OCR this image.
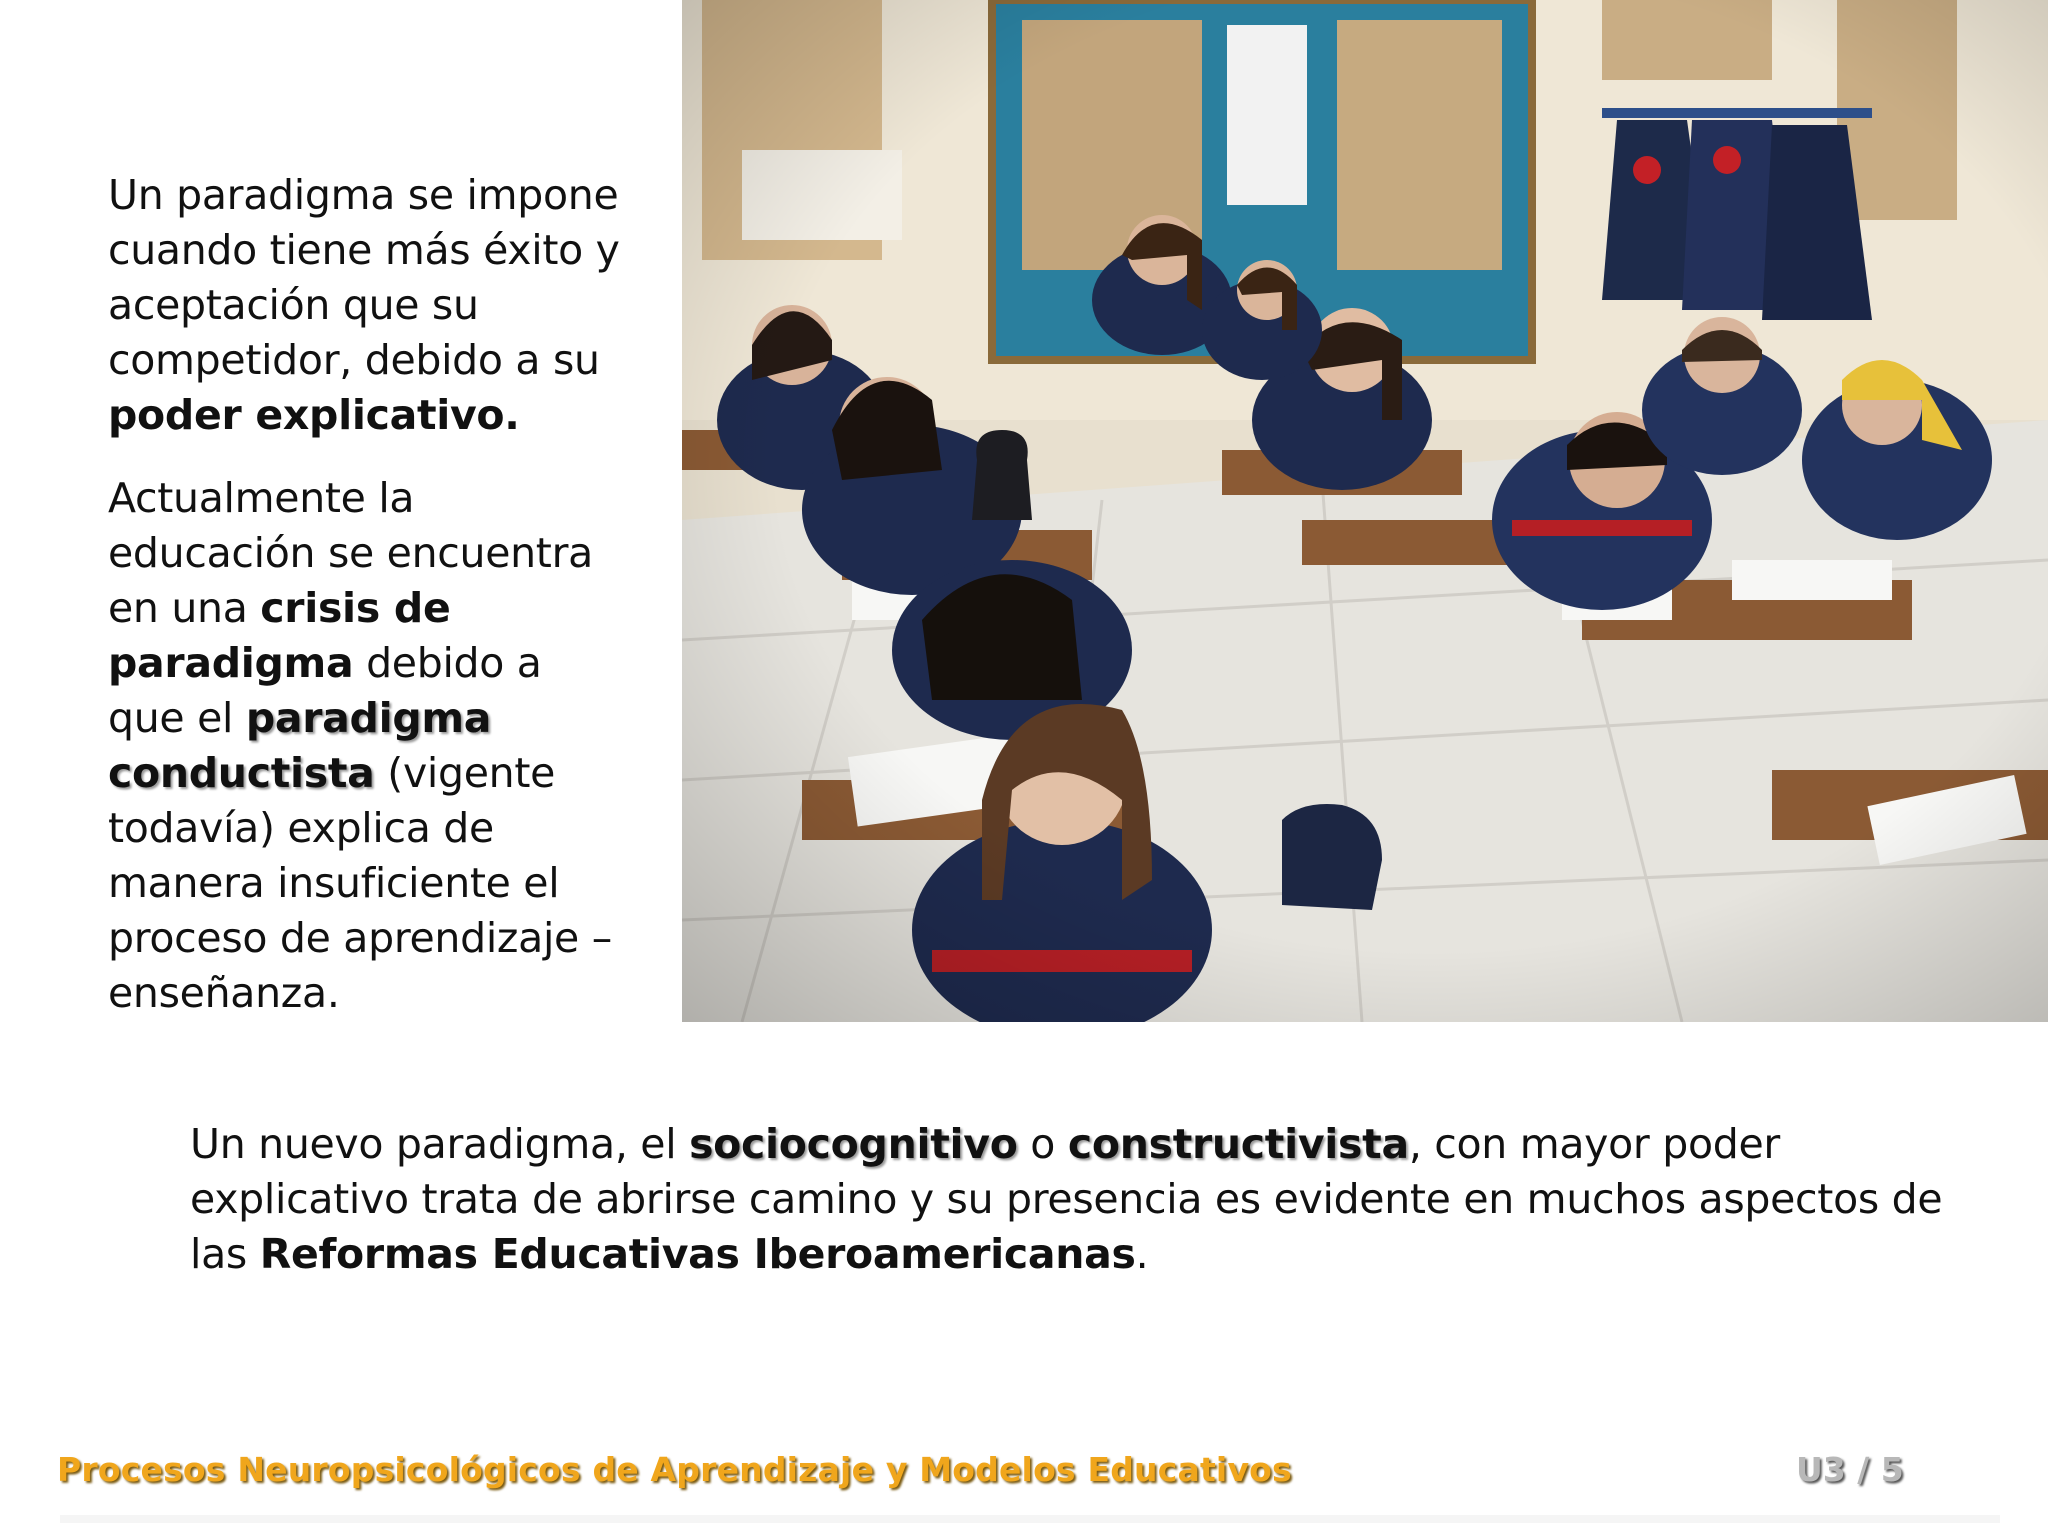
Un paradigma se impone cuando tiene más éxito y aceptación que su competidor, debido a su poder explicativo.

Actualmente la educación se encuentra en una crisis de paradigma debido a que el paradigma conductista (vigente todavía) explica de manera insuficiente el proceso de aprendizaje – enseñanza.

Un nuevo paradigma, el sociocognitivo o constructivista, con mayor poder explicativo trata de abrirse camino y su presencia es evidente en muchos aspectos de las Reformas Educativas Iberoamericanas.

Procesos Neuropsicológicos de Aprendizaje y Modelos Educativos	U3 / 5
